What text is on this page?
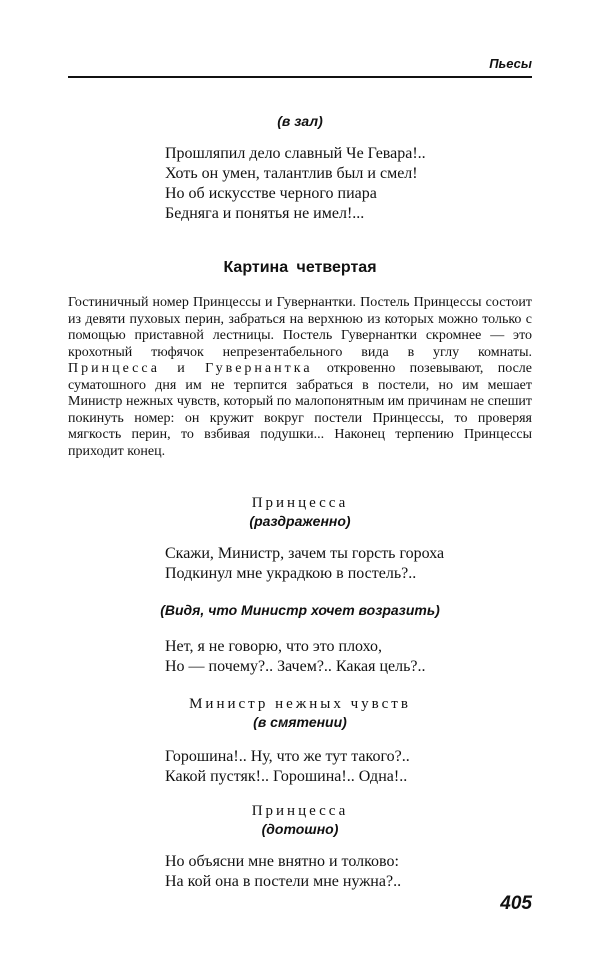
Пьесы
(в зал)
Прошляпил дело славный Че Гевара!..
Хоть он умен, талантлив был и смел!
Но об искусстве черного пиара
Бедняга и понятья не имел!...
Картина четвертая
Гостиничный номер Принцессы и Гувернантки. Постель Принцессы состоит из девяти пуховых перин, забраться на верхнюю из которых можно только с помощью приставной лестницы. Постель Гувернантки скромнее — это крохотный тюфячок непрезентабельного вида в углу комнаты. Принцесса и Гувернантка откровенно позевывают, после суматошного дня им не терпится забраться в постели, но им мешает Министр нежных чувств, который по малопонятным им причинам не спешит покинуть номер: он кружит вокруг постели Принцессы, то проверяя мягкость перин, то взбивая подушки... Наконец терпению Принцессы приходит конец.
Принцесса
(раздраженно)
Скажи, Министр, зачем ты горсть гороха
Подкинул мне украдкою в постель?..
(Видя, что Министр хочет возразить)
Нет, я не говорю, что это плохо,
Но — почему?.. Зачем?.. Какая цель?..
Министр нежных чувств
(в смятении)
Горошина!.. Ну, что же тут такого?..
Какой пустяк!.. Горошина!.. Одна!..
Принцесса
(дотошно)
Но объясни мне внятно и толково:
На кой она в постели мне нужна?..
405
